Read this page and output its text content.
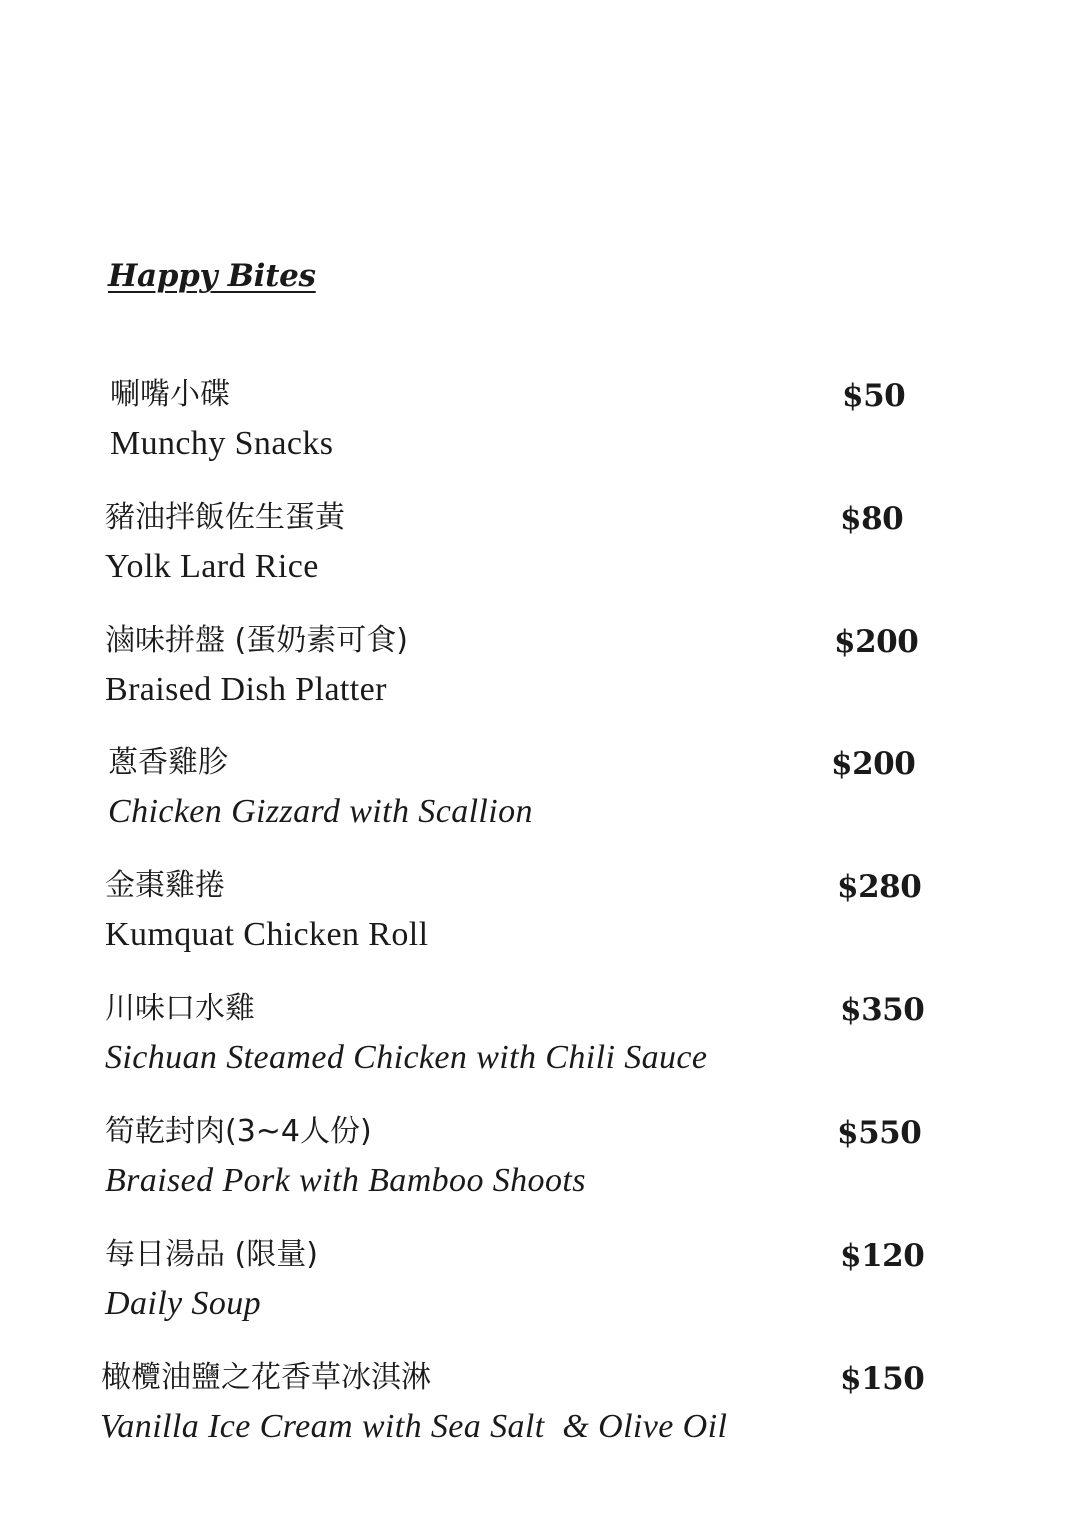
Happy Bites
唰嘴小碟
Munchy Snacks
$50
豬油拌飯佐生蛋黃
Yolk Lard Rice
$80
滷味拼盤 (蛋奶素可食)
Braised Dish Platter
$200
蔥香雞胗
Chicken Gizzard with Scallion
$200
金棗雞捲
Kumquat Chicken Roll
$280
川味口水雞
Sichuan Steamed Chicken with Chili Sauce
$350
筍乾封肉(3~4人份)
Braised Pork with Bamboo Shoots
$550
每日湯品 (限量)
Daily Soup
$120
橄欖油鹽之花香草冰淇淋
Vanilla Ice Cream with Sea Salt  & Olive Oil
$150
